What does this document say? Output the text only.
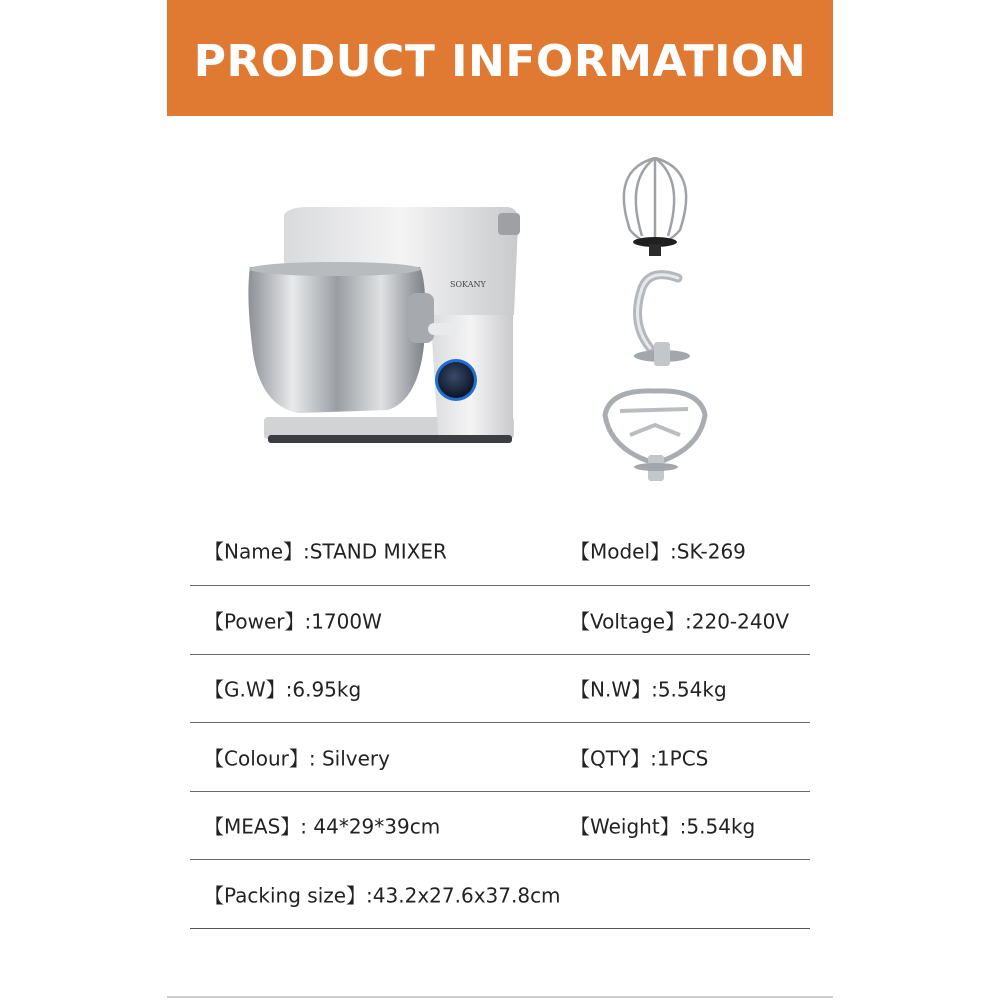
PRODUCT INFORMATION
SOKANY
【Name】:STAND MIXER	【Model】:SK-269
【Power】:1700W	【Voltage】:220-240V
【G.W】:6.95kg	【N.W】:5.54kg
【Colour】: Silvery	【QTY】:1PCS
【MEAS】: 44*29*39cm	【Weight】:5.54kg
【Packing size】:43.2x27.6x37.8cm
